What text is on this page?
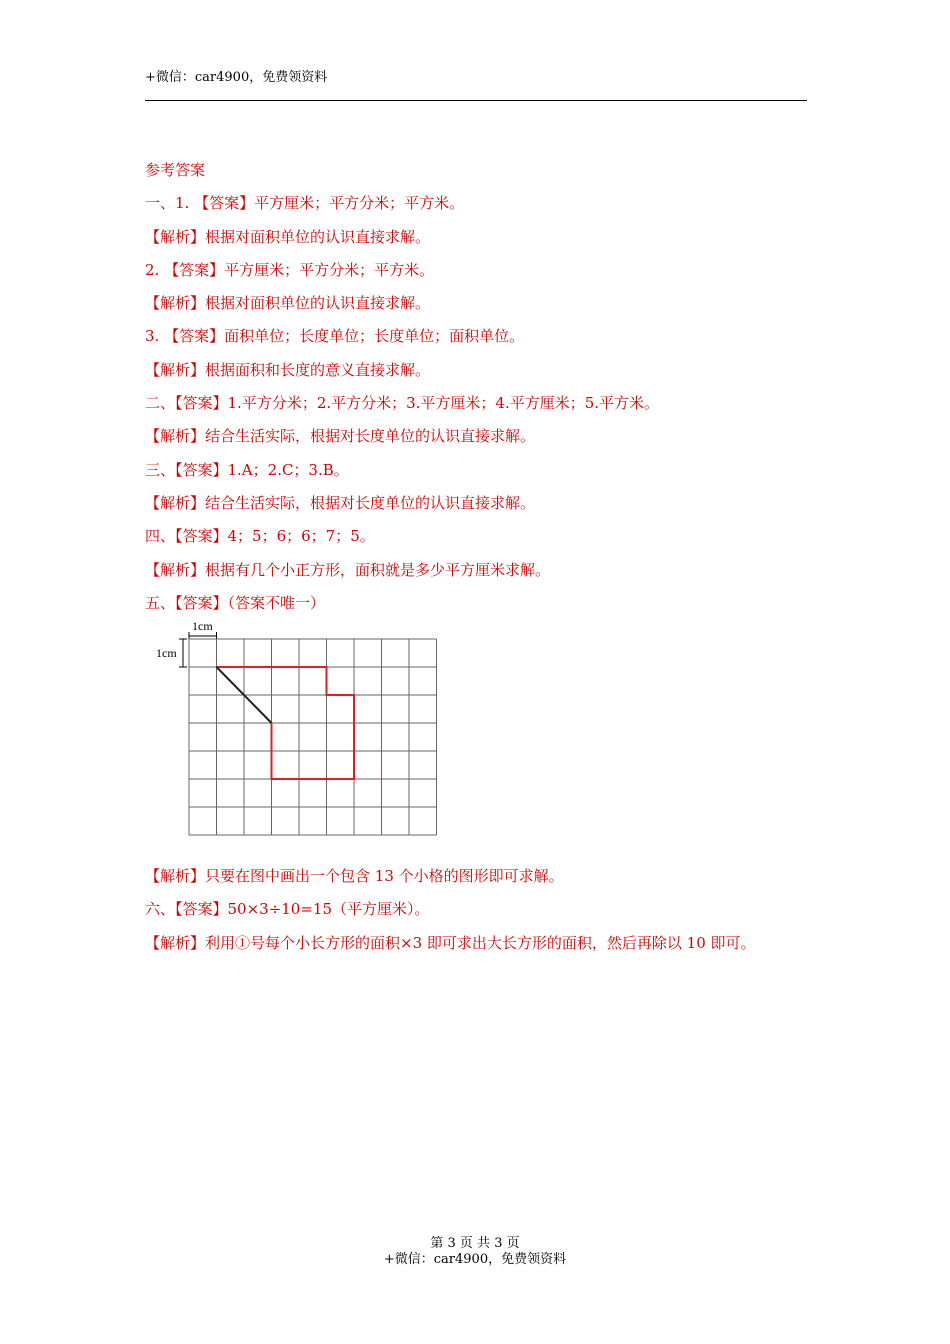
+微信：car4900，免费领资料
参考答案
一、1. 【答案】平方厘米；平方分米；平方米。
【解析】根据对面积单位的认识直接求解。
2. 【答案】平方厘米；平方分米；平方米。
【解析】根据对面积单位的认识直接求解。
3. 【答案】面积单位；长度单位；长度单位；面积单位。
【解析】根据面积和长度的意义直接求解。
二、【答案】1.平方分米；2.平方分米；3.平方厘米；4.平方厘米；5.平方米。
【解析】结合生活实际，根据对长度单位的认识直接求解。
三、【答案】1.A；2.C；3.B。
【解析】结合生活实际，根据对长度单位的认识直接求解。
四、【答案】4；5；6；6；7；5。
【解析】根据有几个小正方形，面积就是多少平方厘米求解。
五、【答案】（答案不唯一）
1cm
1cm
【解析】只要在图中画出一个包含 13 个小格的图形即可求解。
六、【答案】50×3÷10=15（平方厘米）。
【解析】利用①号每个小长方形的面积×3 即可求出大长方形的面积，然后再除以 10 即可。
第 3 页 共 3 页
+微信：car4900，免费领资料
